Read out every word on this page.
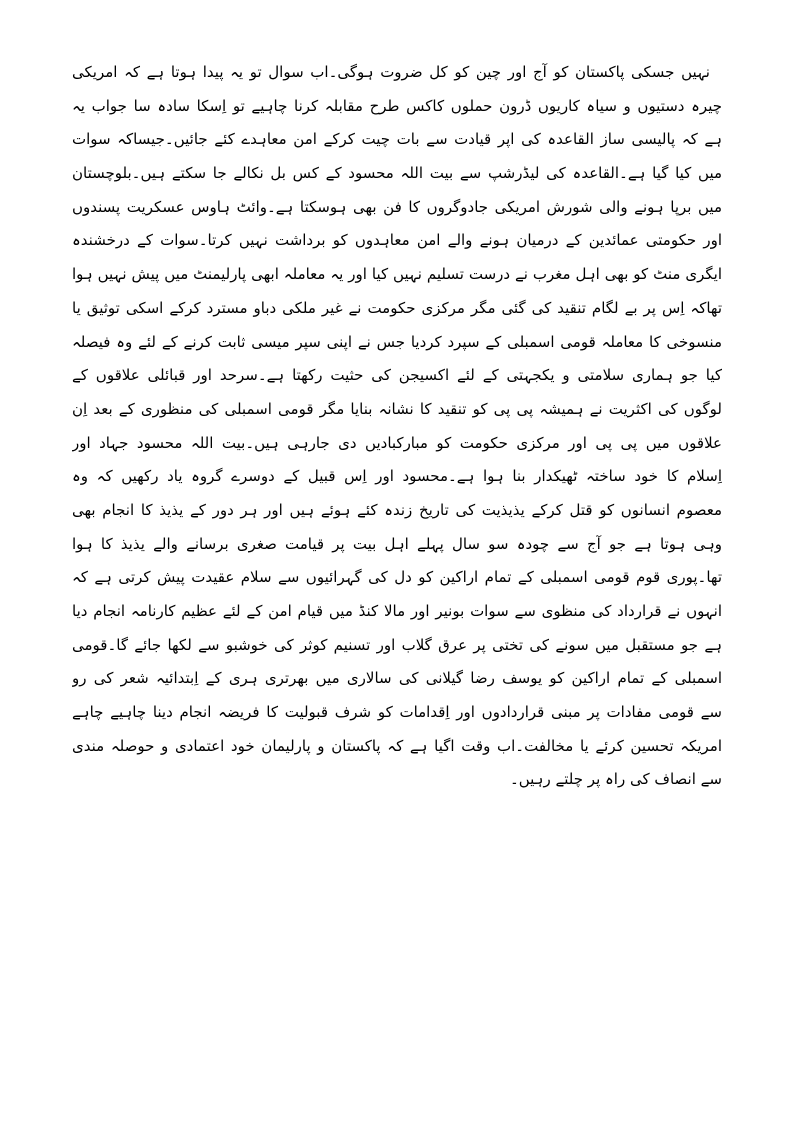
نہیں جسکی پاکستان کو آج اور چین کو کل ضروت ہوگی۔اب سوال تو یہ پیدا ہوتا ہے کہ امریکی
چیرہ دستیوں و سیاہ کاریوں ڈرون حملوں کاکس طرح مقابلہ کرنا چاہیے تو اِسکا سادہ سا جواب یہ
ہے کہ پالیسی ساز القاعدہ کی اپر قیادت سے بات چیت کرکے امن معاہدے کئے جائیں۔جیساکہ سوات
میں کیا گیا ہے۔القاعدہ کی لیڈرشپ سے بیت اللہ محسود کے کس بل نکالے جا سکتے ہیں۔بلوچستان
میں برپا ہونے والی شورش امریکی جادوگروں کا فن بھی ہوسکتا ہے۔وائٹ ہاوس عسکریت پسندوں
اور حکومتی عمائدین کے درمیان ہونے والے امن معاہدوں کو برداشت نہیں کرتا۔سوات کے درخشندہ
ایگری منٹ کو بھی اہل مغرب نے درست تسلیم نہیں کیا اور یہ معاملہ ابھی پارلیمنٹ میں پیش نہیں ہوا
تھاکہ اِس پر بے لگام تنقید کی گئی مگر مرکزی حکومت نے غیر ملکی دباو مسترد کرکے اسکی توثیق یا
منسوخی کا معاملہ قومی اسمبلی کے سپرد کردیا جس نے اپنی سپر میسی ثابت کرنے کے لئے وہ فیصلہ
کیا جو ہماری سلامتی و یکجہتی کے لئے اکسیجن کی حثیت رکھتا ہے۔سرحد اور قبائلی علاقوں کے
لوگوں کی اکثریت نے ہمیشہ پی پی کو تنقید کا نشانہ بنایا مگر قومی اسمبلی کی منظوری کے بعد اِن
علاقوں میں پی پی اور مرکزی حکومت کو مبارکبادیں دی جارہی ہیں۔بیت اللہ محسود جہاد اور
اِسلام کا خود ساختہ ٹھیکدار بنا ہوا ہے۔محسود اور اِس قبیل کے دوسرے گروہ یاد رکھیں کہ وہ
معصوم انسانوں کو قتل کرکے یذیذیت کی تاریخ زندہ کئے ہوئے ہیں اور ہر دور کے یذیذ کا انجام بھی
وہی ہوتا ہے جو آج سے چودہ سو سال پہلے اہل بیت پر قیامت صغری برسانے والے یذیذ کا ہوا
تھا۔پوری قوم قومی اسمبلی کے تمام اراکین کو دل کی گہرائیوں سے سلام عقیدت پیش کرتی ہے کہ
انہوں نے قرارداد کی منظوی سے سوات بونیر اور مالا کنڈ میں قیام امن کے لئے عظیم کارنامہ انجام دیا
ہے جو مستقبل میں سونے کی تختی پر عرق گلاب اور تسنیم کوثر کی خوشبو سے لکھا جائے گا۔قومی
اسمبلی کے تمام اراکین کو یوسف رضا گیلانی کی سالاری میں بھرتری ہری کے اِبتدائیہ شعر کی رو
سے قومی مفادات پر مبنی قراردادوں اور اِقدامات کو شرف قبولیت کا فریضہ انجام دینا چاہیے چاہے
امریکہ تحسین کرئے یا مخالفت۔اب وقت اگیا ہے کہ پاکستان و پارلیمان خود اعتمادی و حوصلہ مندی
سے انصاف کی راہ پر چلتے رہیں۔
